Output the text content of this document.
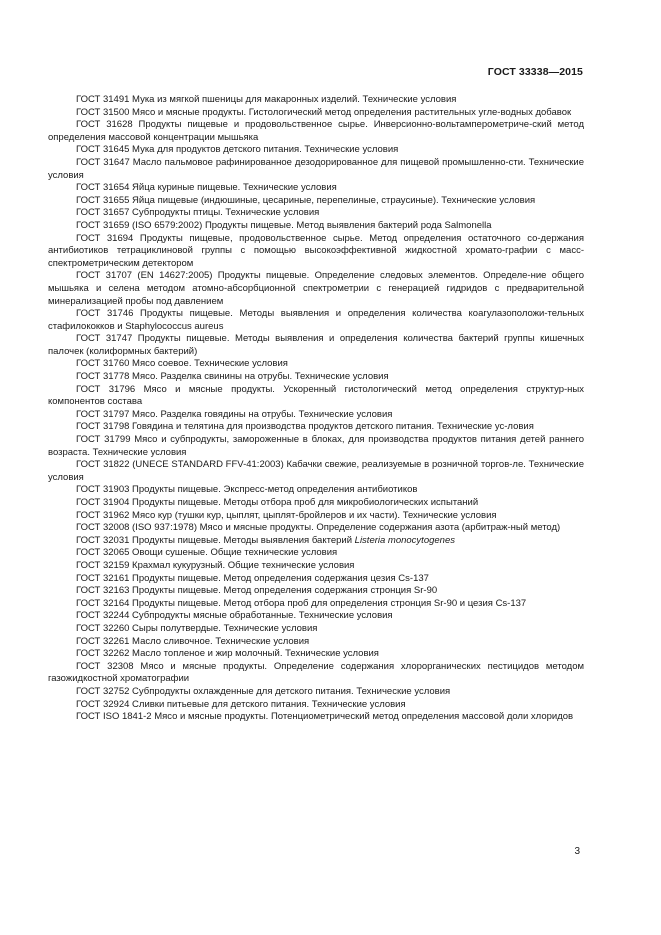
ГОСТ 33338—2015
ГОСТ 31491 Мука из мягкой пшеницы для макаронных изделий. Технические условия
ГОСТ 31500 Мясо и мясные продукты. Гистологический метод определения растительных угле-водных добавок
ГОСТ 31628 Продукты пищевые и продовольственное сырье. Инверсионно-вольтамперометриче-ский метод определения массовой концентрации мышьяка
ГОСТ 31645 Мука для продуктов детского питания. Технические условия
ГОСТ 31647 Масло пальмовое рафинированное дезодорированное для пищевой промышленно-сти. Технические условия
ГОСТ 31654 Яйца куриные пищевые. Технические условия
ГОСТ 31655 Яйца пищевые (индюшиные, цесариные, перепелиные, страусиные). Технические условия
ГОСТ 31657 Субпродукты птицы. Технические условия
ГОСТ 31659 (ISO 6579:2002) Продукты пищевые. Метод выявления бактерий рода Salmonella
ГОСТ 31694 Продукты пищевые, продовольственное сырье. Метод определения остаточного со-держания антибиотиков тетрациклиновой группы с помощью высокоэффективной жидкостной хромато-графии с масс-спектрометрическим детектором
ГОСТ 31707 (EN 14627:2005) Продукты пищевые. Определение следовых элементов. Определе-ние общего мышьяка и селена методом атомно-абсорбционной спектрометрии с генерацией гидридов с предварительной минерализацией пробы под давлением
ГОСТ 31746 Продукты пищевые. Методы выявления и определения количества коагулазоположи-тельных стафилококков и Staphylococcus aureus
ГОСТ 31747 Продукты пищевые. Методы выявления и определения количества бактерий группы кишечных палочек (колиформных бактерий)
ГОСТ 31760 Мясо соевое. Технические условия
ГОСТ 31778 Мясо. Разделка свинины на отрубы. Технические условия
ГОСТ 31796 Мясо и мясные продукты. Ускоренный гистологический метод определения структур-ных компонентов состава
ГОСТ 31797 Мясо. Разделка говядины на отрубы. Технические условия
ГОСТ 31798 Говядина и телятина для производства продуктов детского питания. Технические ус-ловия
ГОСТ 31799 Мясо и субпродукты, замороженные в блоках, для производства продуктов питания детей раннего возраста. Технические условия
ГОСТ 31822 (UNECE STANDARD FFV-41:2003) Кабачки свежие, реализуемые в розничной торгов-ле. Технические условия
ГОСТ 31903 Продукты пищевые. Экспресс-метод определения антибиотиков
ГОСТ 31904 Продукты пищевые. Методы отбора проб для микробиологических испытаний
ГОСТ 31962 Мясо кур (тушки кур, цыплят, цыплят-бройлеров и их части). Технические условия
ГОСТ 32008 (ISO 937:1978) Мясо и мясные продукты. Определение содержания азота (арбитраж-ный метод)
ГОСТ 32031 Продукты пищевые. Методы выявления бактерий Listeria monocytogenes
ГОСТ 32065 Овощи сушеные. Общие технические условия
ГОСТ 32159 Крахмал кукурузный. Общие технические условия
ГОСТ 32161 Продукты пищевые. Метод определения содержания цезия Cs-137
ГОСТ 32163 Продукты пищевые. Метод определения содержания стронция Sr-90
ГОСТ 32164 Продукты пищевые. Метод отбора проб для определения стронция Sr-90 и цезия Cs-137
ГОСТ 32244 Субпродукты мясные обработанные. Технические условия
ГОСТ 32260 Сыры полутвердые. Технические условия
ГОСТ 32261 Масло сливочное. Технические условия
ГОСТ 32262 Масло топленое и жир молочный. Технические условия
ГОСТ 32308 Мясо и мясные продукты. Определение содержания хлорорганических пестицидов методом газожидкостной хроматографии
ГОСТ 32752 Субпродукты охлажденные для детского питания. Технические условия
ГОСТ 32924 Сливки питьевые для детского питания. Технические условия
ГОСТ ISO 1841-2 Мясо и мясные продукты. Потенциометрический метод определения массовой доли хлоридов
3
